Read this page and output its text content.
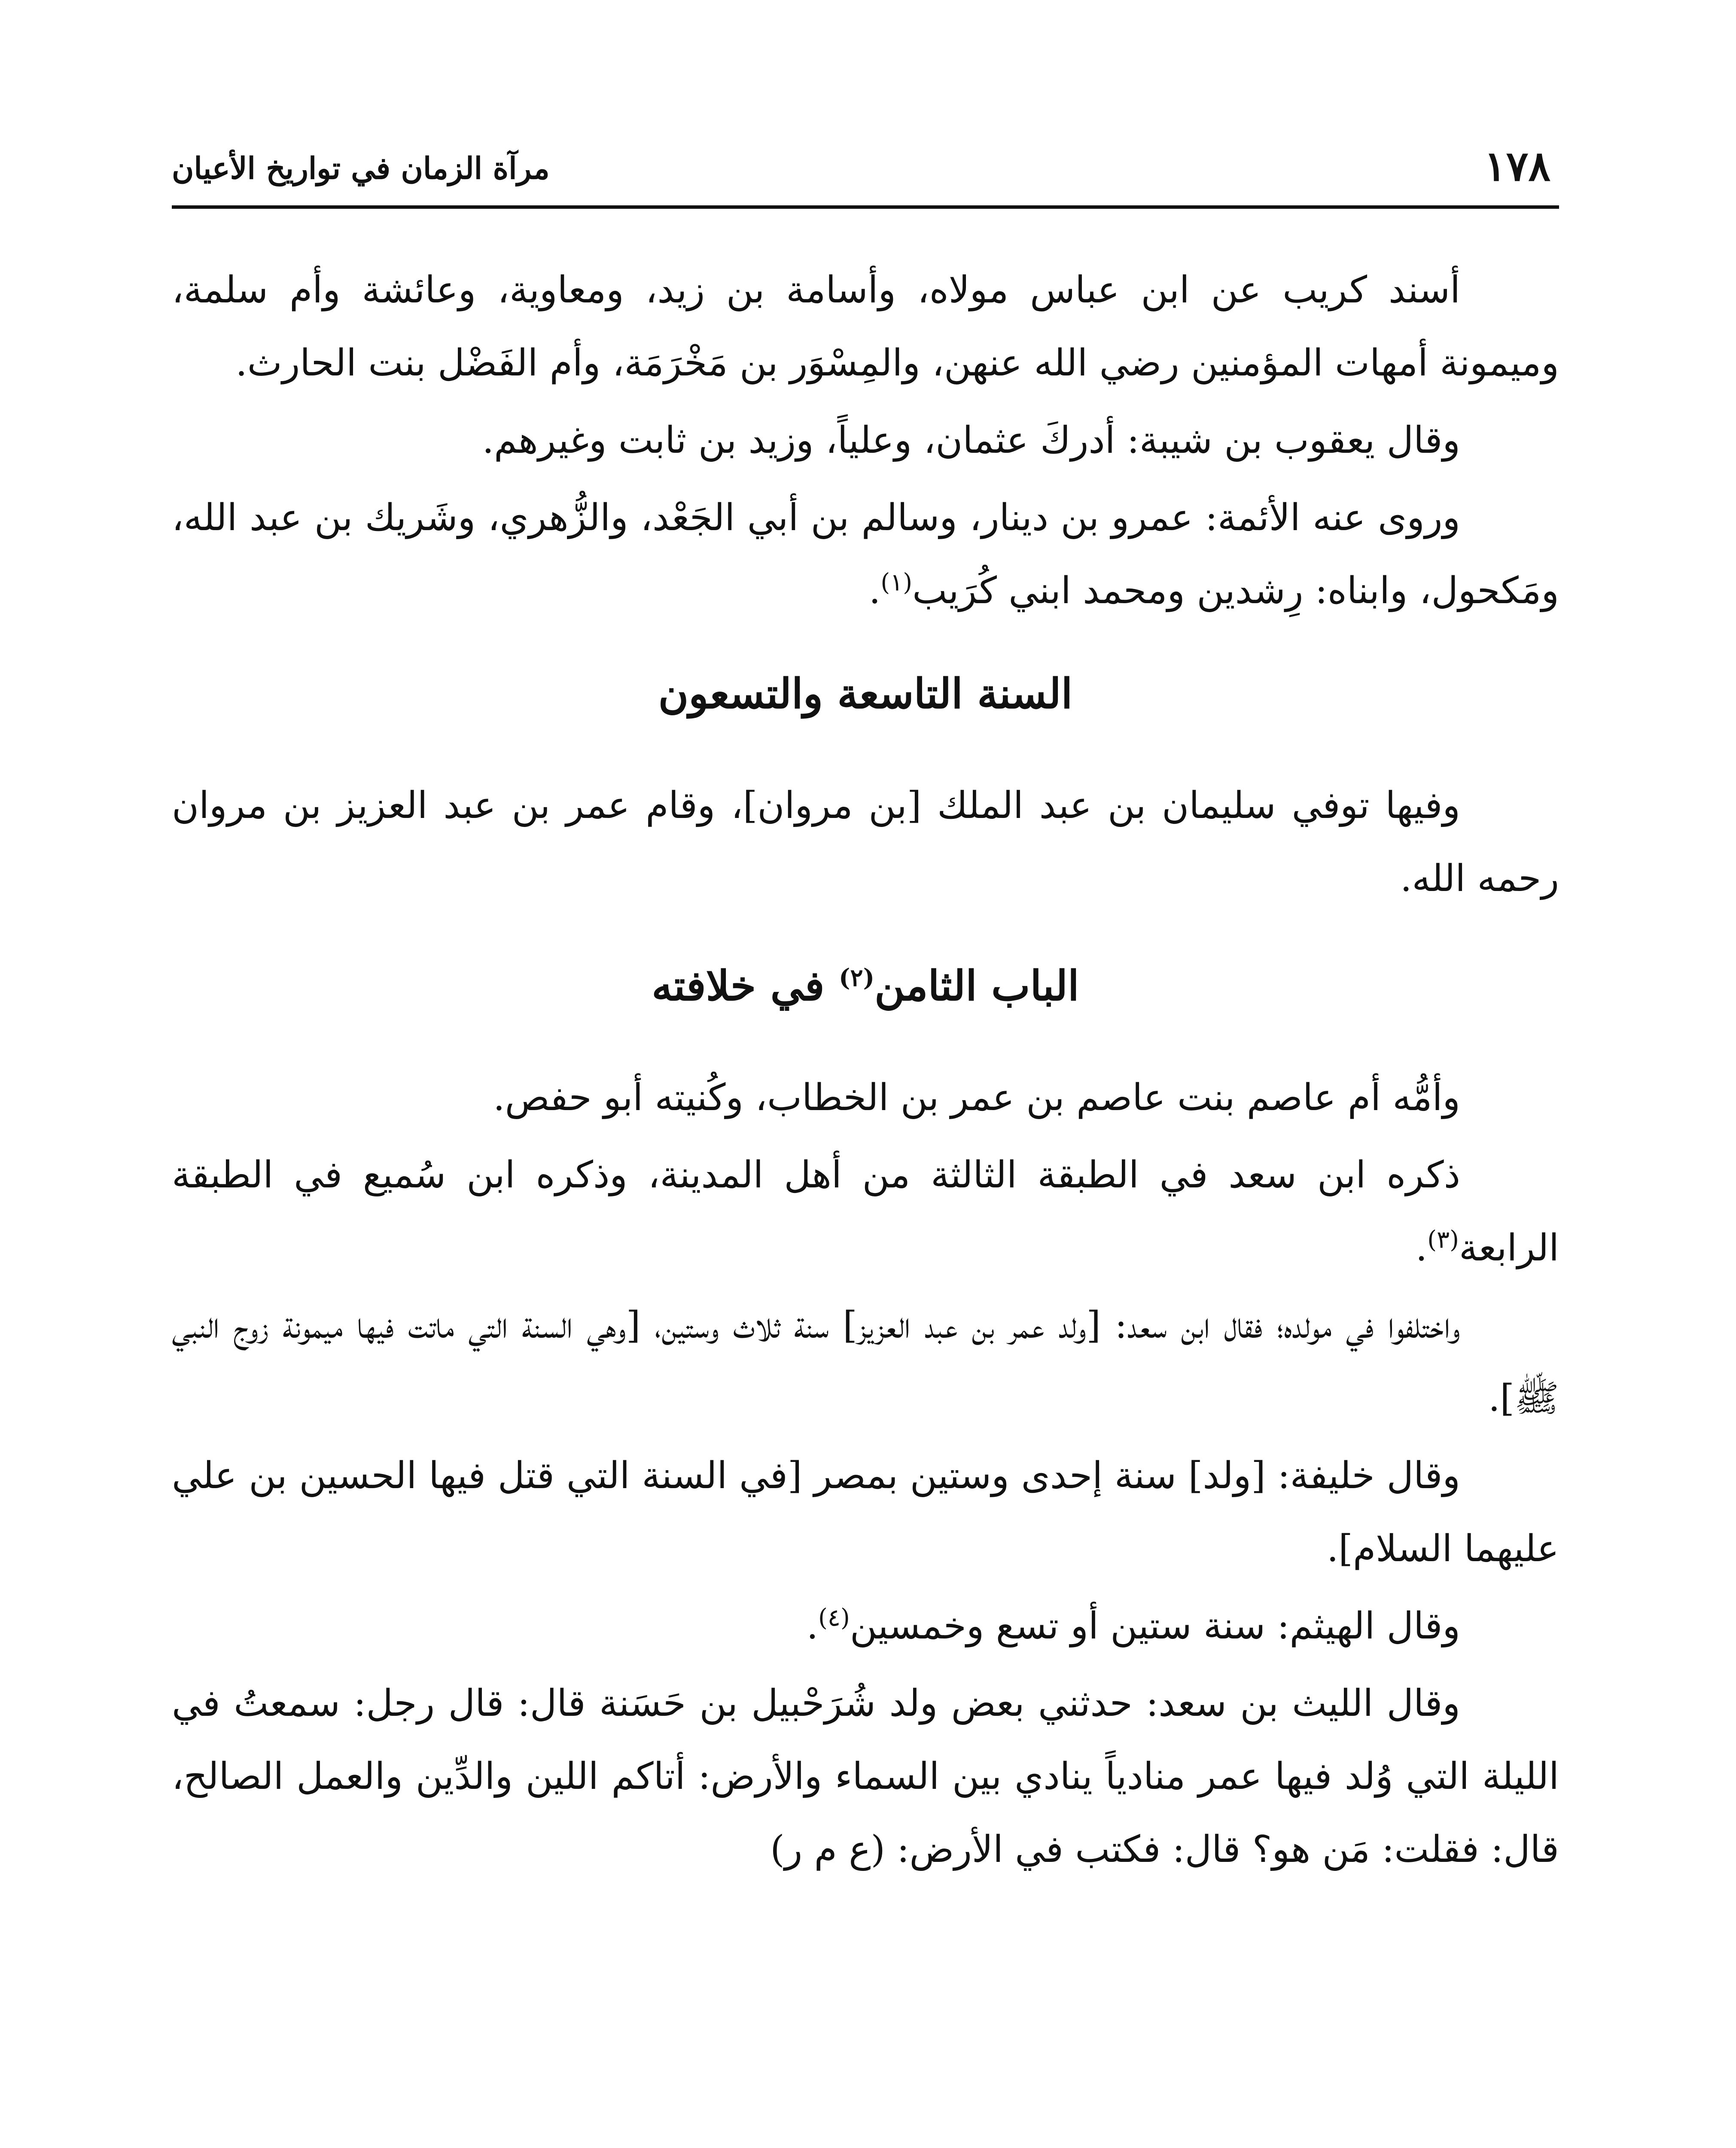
١٧٨
مرآة الزمان في تواريخ الأعيان

أسند كريب عن ابن عباس مولاه، وأسامة بن زيد، ومعاوية، وعائشة وأم سلمة، وميمونة أمهات المؤمنين رضي الله عنهن، والمِسْوَر بن مَخْرَمَة، وأم الفَضْل بنت الحارث.

وقال يعقوب بن شيبة: أدركَ عثمان، وعلياً، وزيد بن ثابت وغيرهم.

وروى عنه الأئمة: عمرو بن دينار، وسالم بن أبي الجَعْد، والزُّهري، وشَريك بن عبد الله، ومَكحول، وابناه: رِشدين ومحمد ابني كُرَيب$^{(١)}$.

السنة التاسعة والتسعون

وفيها توفي سليمان بن عبد الملك [بن مروان]، وقام عمر بن عبد العزيز بن مروان رحمه الله.

الباب الثامن$^{(٢)}$ في خلافته

وأمُّه أم عاصم بنت عاصم بن عمر بن الخطاب، وكُنيته أبو حفص.

ذكره ابن سعد في الطبقة الثالثة من أهل المدينة، وذكره ابن سُميع في الطبقة الرابعة$^{(٣)}$.

واختلفوا في مولده؛ فقال ابن سعد: [ولد عمر بن عبد العزيز] سنة ثلاث وستين، [وهي السنة التي ماتت فيها ميمونة زوج النبي ﷺ].

وقال خليفة: [ولد] سنة إحدى وستين بمصر [في السنة التي قتل فيها الحسين بن علي عليهما السلام].

وقال الهيثم: سنة ستين أو تسع وخمسين$^{(٤)}$.

وقال الليث بن سعد: حدثني بعض ولد شُرَحْبيل بن حَسَنة قال: قال رجل: سمعتُ في الليلة التي وُلد فيها عمر منادياً ينادي بين السماء والأرض: أتاكم اللين والدِّين والعمل الصالح، قال: فقلت: مَن هو؟ قال: فكتب في الأرض: (ع م ر)
